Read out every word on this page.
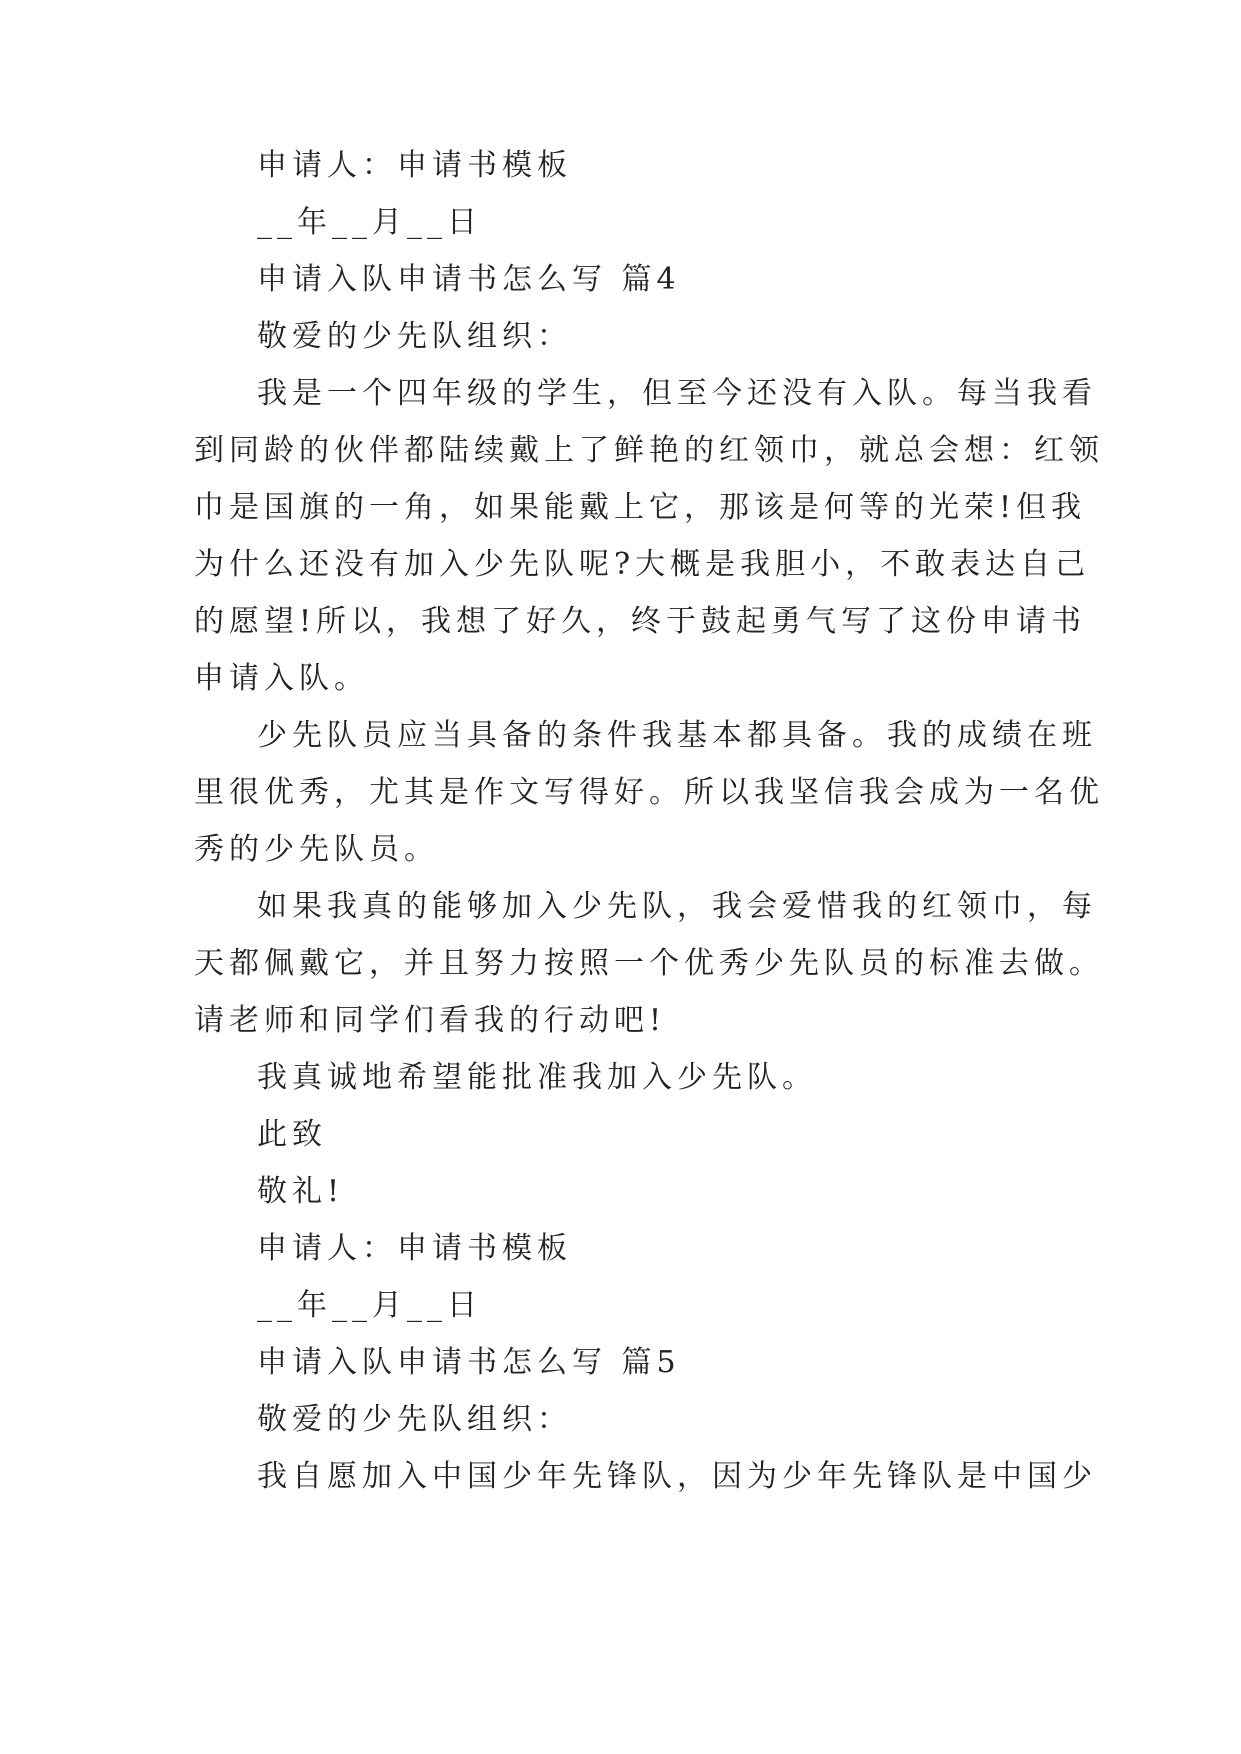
申请人：申请书模板
__年__月__日
申请入队申请书怎么写 篇4
敬爱的少先队组织：
我是一个四年级的学生，但至今还没有入队。每当我看
到同龄的伙伴都陆续戴上了鲜艳的红领巾，就总会想：红领
巾是国旗的一角，如果能戴上它，那该是何等的光荣!但我
为什么还没有加入少先队呢?大概是我胆小，不敢表达自己
的愿望!所以，我想了好久，终于鼓起勇气写了这份申请书
申请入队。
少先队员应当具备的条件我基本都具备。我的成绩在班
里很优秀，尤其是作文写得好。所以我坚信我会成为一名优
秀的少先队员。
如果我真的能够加入少先队，我会爱惜我的红领巾，每
天都佩戴它，并且努力按照一个优秀少先队员的标准去做。
请老师和同学们看我的行动吧!
我真诚地希望能批准我加入少先队。
此致
敬礼!
申请人：申请书模板
__年__月__日
申请入队申请书怎么写 篇5
敬爱的少先队组织：
我自愿加入中国少年先锋队，因为少年先锋队是中国少
